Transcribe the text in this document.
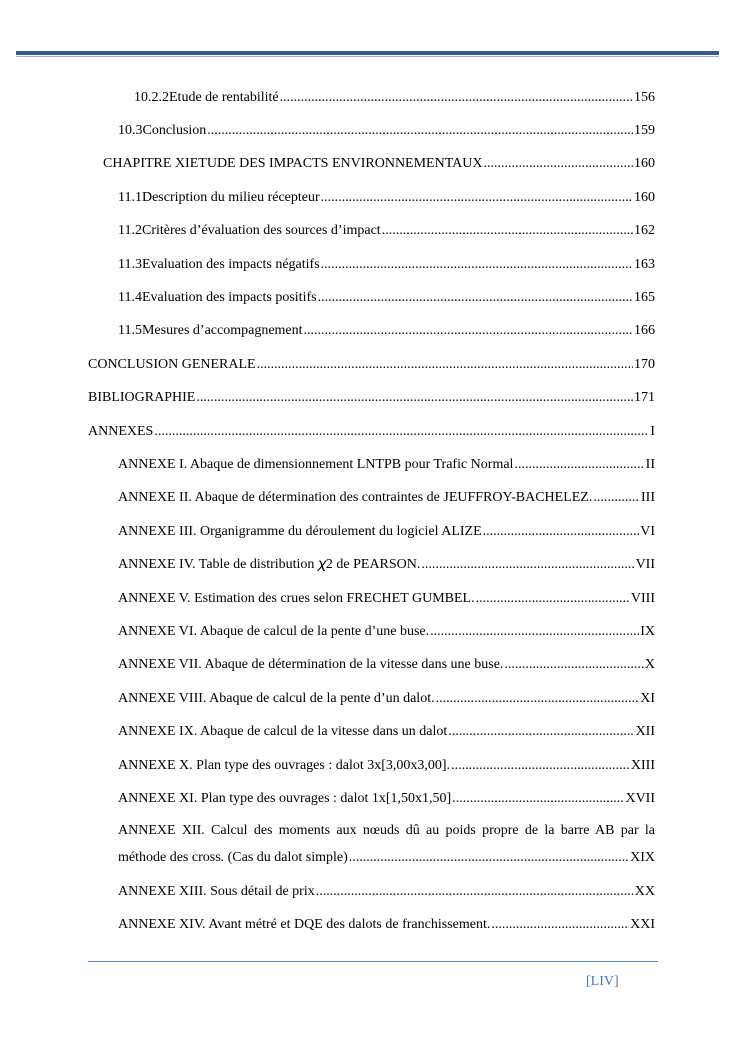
10.2.2 Etude de rentabilité .....	156
10.3 Conclusion .....	159
CHAPITRE XI ETUDE DES IMPACTS ENVIRONNEMENTAUX .....	160
11.1 Description du milieu récepteur .....	160
11.2 Critères d’évaluation des sources d’impact .....	162
11.3 Evaluation des impacts négatifs .....	163
11.4 Evaluation des impacts positifs .....	165
11.5 Mesures d’accompagnement .....	166
CONCLUSION GENERALE .....	170
BIBLIOGRAPHIE .....	171
ANNEXES .....	I
ANNEXE I. Abaque de dimensionnement LNTPB pour Trafic Normal .....	II
ANNEXE II. Abaque de détermination des contraintes de JEUFFROY-BACHELEZ. .....	III
ANNEXE III. Organigramme du déroulement du logiciel ALIZE .....	VI
ANNEXE IV. Table de distribution 𝜒2 de PEARSON. .....	VII
ANNEXE V. Estimation des crues selon FRECHET GUMBEL. .....	VIII
ANNEXE VI. Abaque de calcul de la pente d’une buse. .....	IX
ANNEXE VII. Abaque de détermination de la vitesse dans une buse. .....	X
ANNEXE VIII. Abaque de calcul de la pente d’un dalot. .....	XI
ANNEXE IX. Abaque de calcul de la vitesse dans un dalot .....	XII
ANNEXE X. Plan type des ouvrages : dalot 3x[3,00x3,00]. .....	XIII
ANNEXE XI. Plan type des ouvrages : dalot 1x[1,50x1,50] .....	XVII
ANNEXE XII. Calcul des moments aux nœuds dû au poids propre de la barre AB par la
méthode des cross. (Cas du dalot simple) .....	XIX
ANNEXE XIII. Sous détail de prix .....	XX
ANNEXE XIV. Avant métré et DQE des dalots de franchissement. .....	XXI
[LIV]
